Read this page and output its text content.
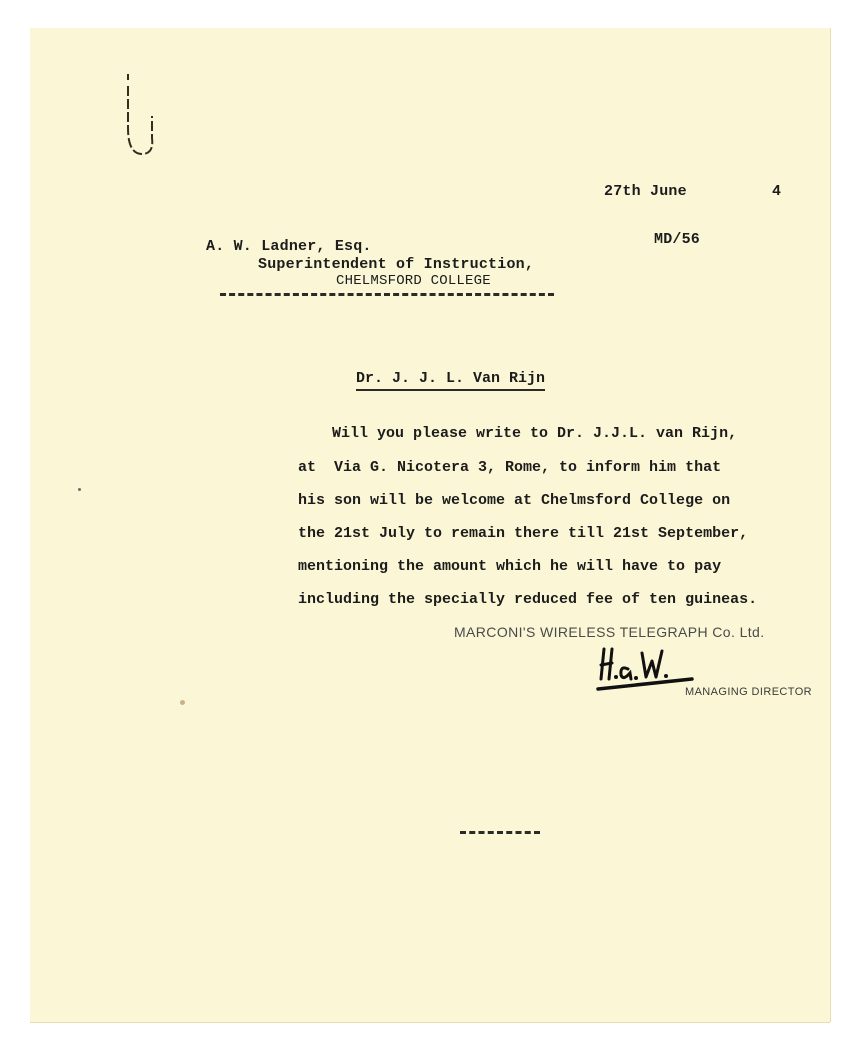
27th June	4
MD/56
A. W. Ladner, Esq.
Superintendent of Instruction,
CHELMSFORD COLLEGE
Dr. J. J. L. Van Rijn
Will you please write to Dr. J.J.L. van Rijn,
at  Via G. Nicotera 3, Rome, to inform him that
his son will be welcome at Chelmsford College on
the 21st July to remain there till 21st September,
mentioning the amount which he will have to pay
including the specially reduced fee of ten guineas.
MARCONI'S WIRELESS TELEGRAPH Co. Ltd.
MANAGING DIRECTOR
